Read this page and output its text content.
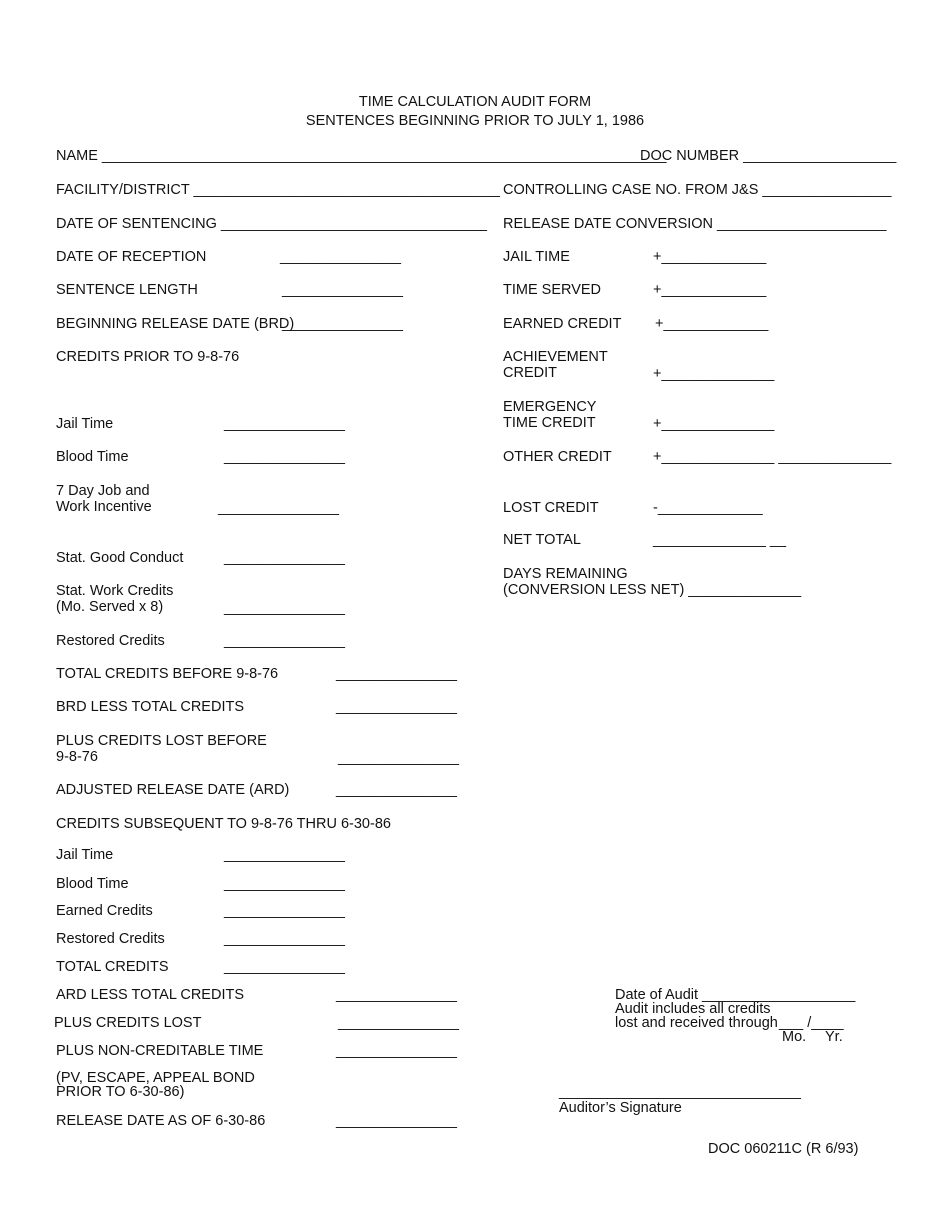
TIME CALCULATION AUDIT FORM
SENTENCES BEGINNING PRIOR TO JULY 1, 1986
NAME ______________________________________________________________________
DOC NUMBER ___________________
FACILITY/DISTRICT ______________________________________
DATE OF SENTENCING _________________________________
DATE OF RECEPTION	_______________
SENTENCE LENGTH	_______________
BEGINNING RELEASE DATE (BRD)
_______________
CREDITS PRIOR TO 9-8-76
Jail Time	_______________
Blood Time	_______________
7 Day Job and
Work Incentive	_______________
Stat. Good Conduct	_______________
Stat. Work Credits
(Mo. Served x 8)	_______________
Restored Credits	_______________
TOTAL CREDITS BEFORE 9-8-76	_______________
BRD LESS TOTAL CREDITS	_______________
PLUS CREDITS LOST BEFORE
9-8-76	_______________
ADJUSTED RELEASE DATE (ARD)	_______________
CREDITS SUBSEQUENT TO 9-8-76 THRU 6-30-86
Jail Time	_______________
Blood Time	_______________
Earned Credits	_______________
Restored Credits	_______________
TOTAL CREDITS	_______________
ARD LESS TOTAL CREDITS	_______________
PLUS CREDITS LOST	_______________
PLUS NON-CREDITABLE TIME	_______________
(PV, ESCAPE, APPEAL BOND
PRIOR TO 6-30-86)
RELEASE DATE AS OF 6-30-86	_______________
CONTROLLING CASE NO. FROM J&S ________________
RELEASE DATE CONVERSION _____________________
JAIL TIME	+_____________
TIME SERVED	+_____________
EARNED CREDIT +_____________
ACHIEVEMENT
CREDIT	+______________
EMERGENCY
TIME CREDIT	+______________
OTHER CREDIT	+______________ ______________
LOST CREDIT	-_____________
NET TOTAL	______________ __
DAYS REMAINING
(CONVERSION LESS NET) ______________
Date of Audit ___________________
Audit includes all credits
lost and received through ___ /____
Mo. Yr.
______________________________
Auditor’s Signature
DOC 060211C (R 6/93)
